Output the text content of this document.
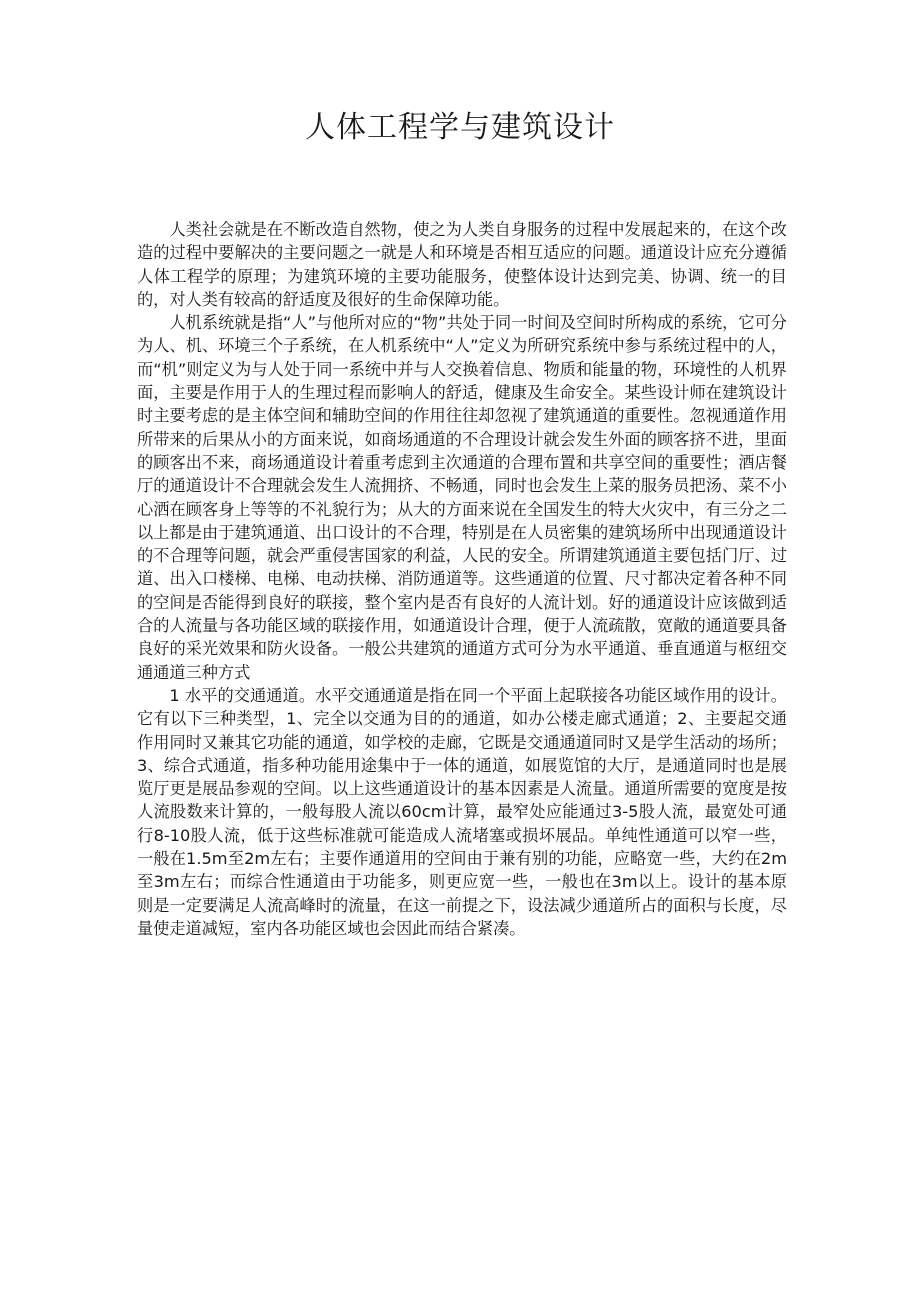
人体工程学与建筑设计

人类社会就是在不断改造自然物，使之为人类自身服务的过程中发展起来的，在这个改造的过程中要解决的主要问题之一就是人和环境是否相互适应的问题。通道设计应充分遵循人体工程学的原理；为建筑环境的主要功能服务，使整体设计达到完美、协调、统一的目的，对人类有较高的舒适度及很好的生命保障功能。

人机系统就是指“人”与他所对应的“物”共处于同一时间及空间时所构成的系统，它可分为人、机、环境三个子系统，在人机系统中“人”定义为所研究系统中参与系统过程中的人，而“机”则定义为与人处于同一系统中并与人交换着信息、物质和能量的物，环境性的人机界面，主要是作用于人的生理过程而影响人的舒适，健康及生命安全。某些设计师在建筑设计时主要考虑的是主体空间和辅助空间的作用往往却忽视了建筑通道的重要性。忽视通道作用所带来的后果从小的方面来说，如商场通道的不合理设计就会发生外面的顾客挤不进，里面的顾客出不来，商场通道设计着重考虑到主次通道的合理布置和共享空间的重要性；酒店餐厅的通道设计不合理就会发生人流拥挤、不畅通，同时也会发生上菜的服务员把汤、菜不小心洒在顾客身上等等的不礼貌行为；从大的方面来说在全国发生的特大火灾中，有三分之二以上都是由于建筑通道、出口设计的不合理，特别是在人员密集的建筑场所中出现通道设计的不合理等问题，就会严重侵害国家的利益，人民的安全。所谓建筑通道主要包括门厅、过道、出入口楼梯、电梯、电动扶梯、消防通道等。这些通道的位置、尺寸都决定着各种不同的空间是否能得到良好的联接，整个室内是否有良好的人流计划。好的通道设计应该做到适合的人流量与各功能区域的联接作用，如通道设计合理，便于人流疏散，宽敞的通道要具备良好的采光效果和防火设备。一般公共建筑的通道方式可分为水平通道、垂直通道与枢纽交通通道三种方式

1 水平的交通通道。水平交通通道是指在同一个平面上起联接各功能区域作用的设计。它有以下三种类型，1、完全以交通为目的的通道，如办公楼走廊式通道；2、主要起交通作用同时又兼其它功能的通道，如学校的走廊，它既是交通通道同时又是学生活动的场所；3、综合式通道，指多种功能用途集中于一体的通道，如展览馆的大厅，是通道同时也是展览厅更是展品参观的空间。以上这些通道设计的基本因素是人流量。通道所需要的宽度是按人流股数来计算的，一般每股人流以60cm计算，最窄处应能通过3-5股人流，最宽处可通行8-10股人流，低于这些标准就可能造成人流堵塞或损坏展品。单纯性通道可以窄一些，一般在1.5m至2m左右；主要作通道用的空间由于兼有别的功能，应略宽一些，大约在2m至3m左右；而综合性通道由于功能多，则更应宽一些，一般也在3m以上。设计的基本原则是一定要满足人流高峰时的流量，在这一前提之下，设法减少通道所占的面积与长度，尽量使走道减短，室内各功能区域也会因此而结合紧凑。
